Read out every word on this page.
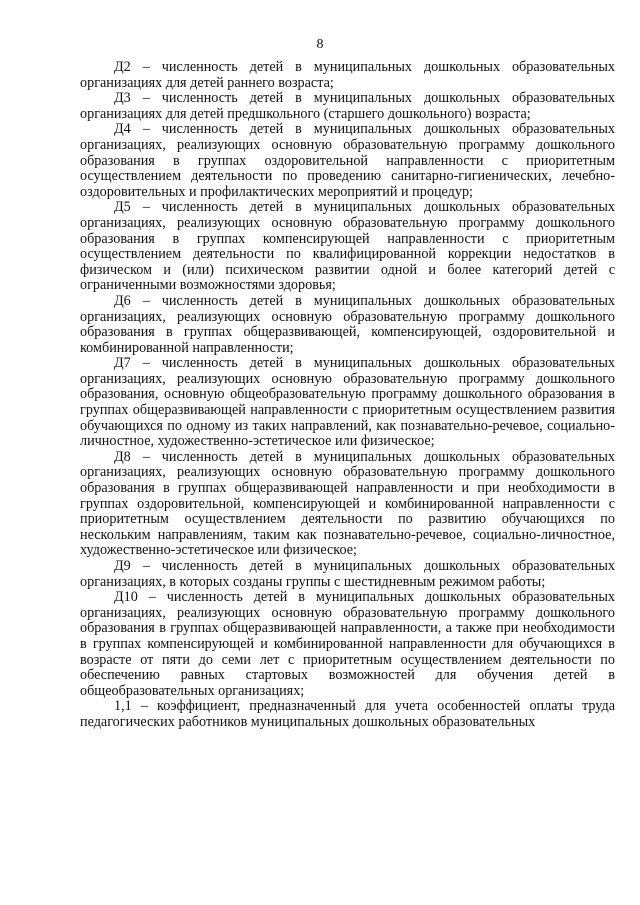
8

Д2 – численность детей в муниципальных дошкольных образовательных организациях для детей раннего возраста;

Д3 – численность детей в муниципальных дошкольных образовательных организациях для детей предшкольного (старшего дошкольного) возраста;

Д4 – численность детей в муниципальных дошкольных образовательных организациях, реализующих основную образовательную программу дошкольного образования в группах оздоровительной направленности с приоритетным осуществлением деятельности по проведению санитарно-гигиенических, лечебно-оздоровительных и профилактических мероприятий и процедур;

Д5 – численность детей в муниципальных дошкольных образовательных организациях, реализующих основную образовательную программу дошкольного образования в группах компенсирующей направленности с приоритетным осуществлением деятельности по квалифицированной коррекции недостатков в физическом и (или) психическом развитии одной и более категорий детей с ограниченными возможностями здоровья;

Д6 – численность детей в муниципальных дошкольных образовательных организациях, реализующих основную образовательную программу дошкольного образования в группах общеразвивающей, компенсирующей, оздоровительной и комбинированной направленности;

Д7 – численность детей в муниципальных дошкольных образовательных организациях, реализующих основную образовательную программу дошкольного образования, основную общеобразовательную программу дошкольного образования в группах общеразвивающей направленности с приоритетным осуществлением развития обучающихся по одному из таких направлений, как познавательно-речевое, социально-личностное, художественно-эстетическое или физическое;

Д8 – численность детей в муниципальных дошкольных образовательных организациях, реализующих основную образовательную программу дошкольного образования в группах общеразвивающей направленности и при необходимости в группах оздоровительной, компенсирующей и комбинированной направленности с приоритетным осуществлением деятельности по развитию обучающихся по нескольким направлениям, таким как познавательно-речевое, социально-личностное, художественно-эстетическое или физическое;

Д9 – численность детей в муниципальных дошкольных образовательных организациях, в которых созданы группы с шестидневным режимом работы;

Д10 – численность детей в муниципальных дошкольных образовательных организациях, реализующих основную образовательную программу дошкольного образования в группах общеразвивающей направленности, а также при необходимости в группах компенсирующей и комбинированной направленности для обучающихся в возрасте от пяти до семи лет с приоритетным осуществлением деятельности по обеспечению равных стартовых возможностей для обучения детей в общеобразовательных организациях;

1,1 – коэффициент, предназначенный для учета особенностей оплаты труда педагогических работников муниципальных дошкольных образовательных
